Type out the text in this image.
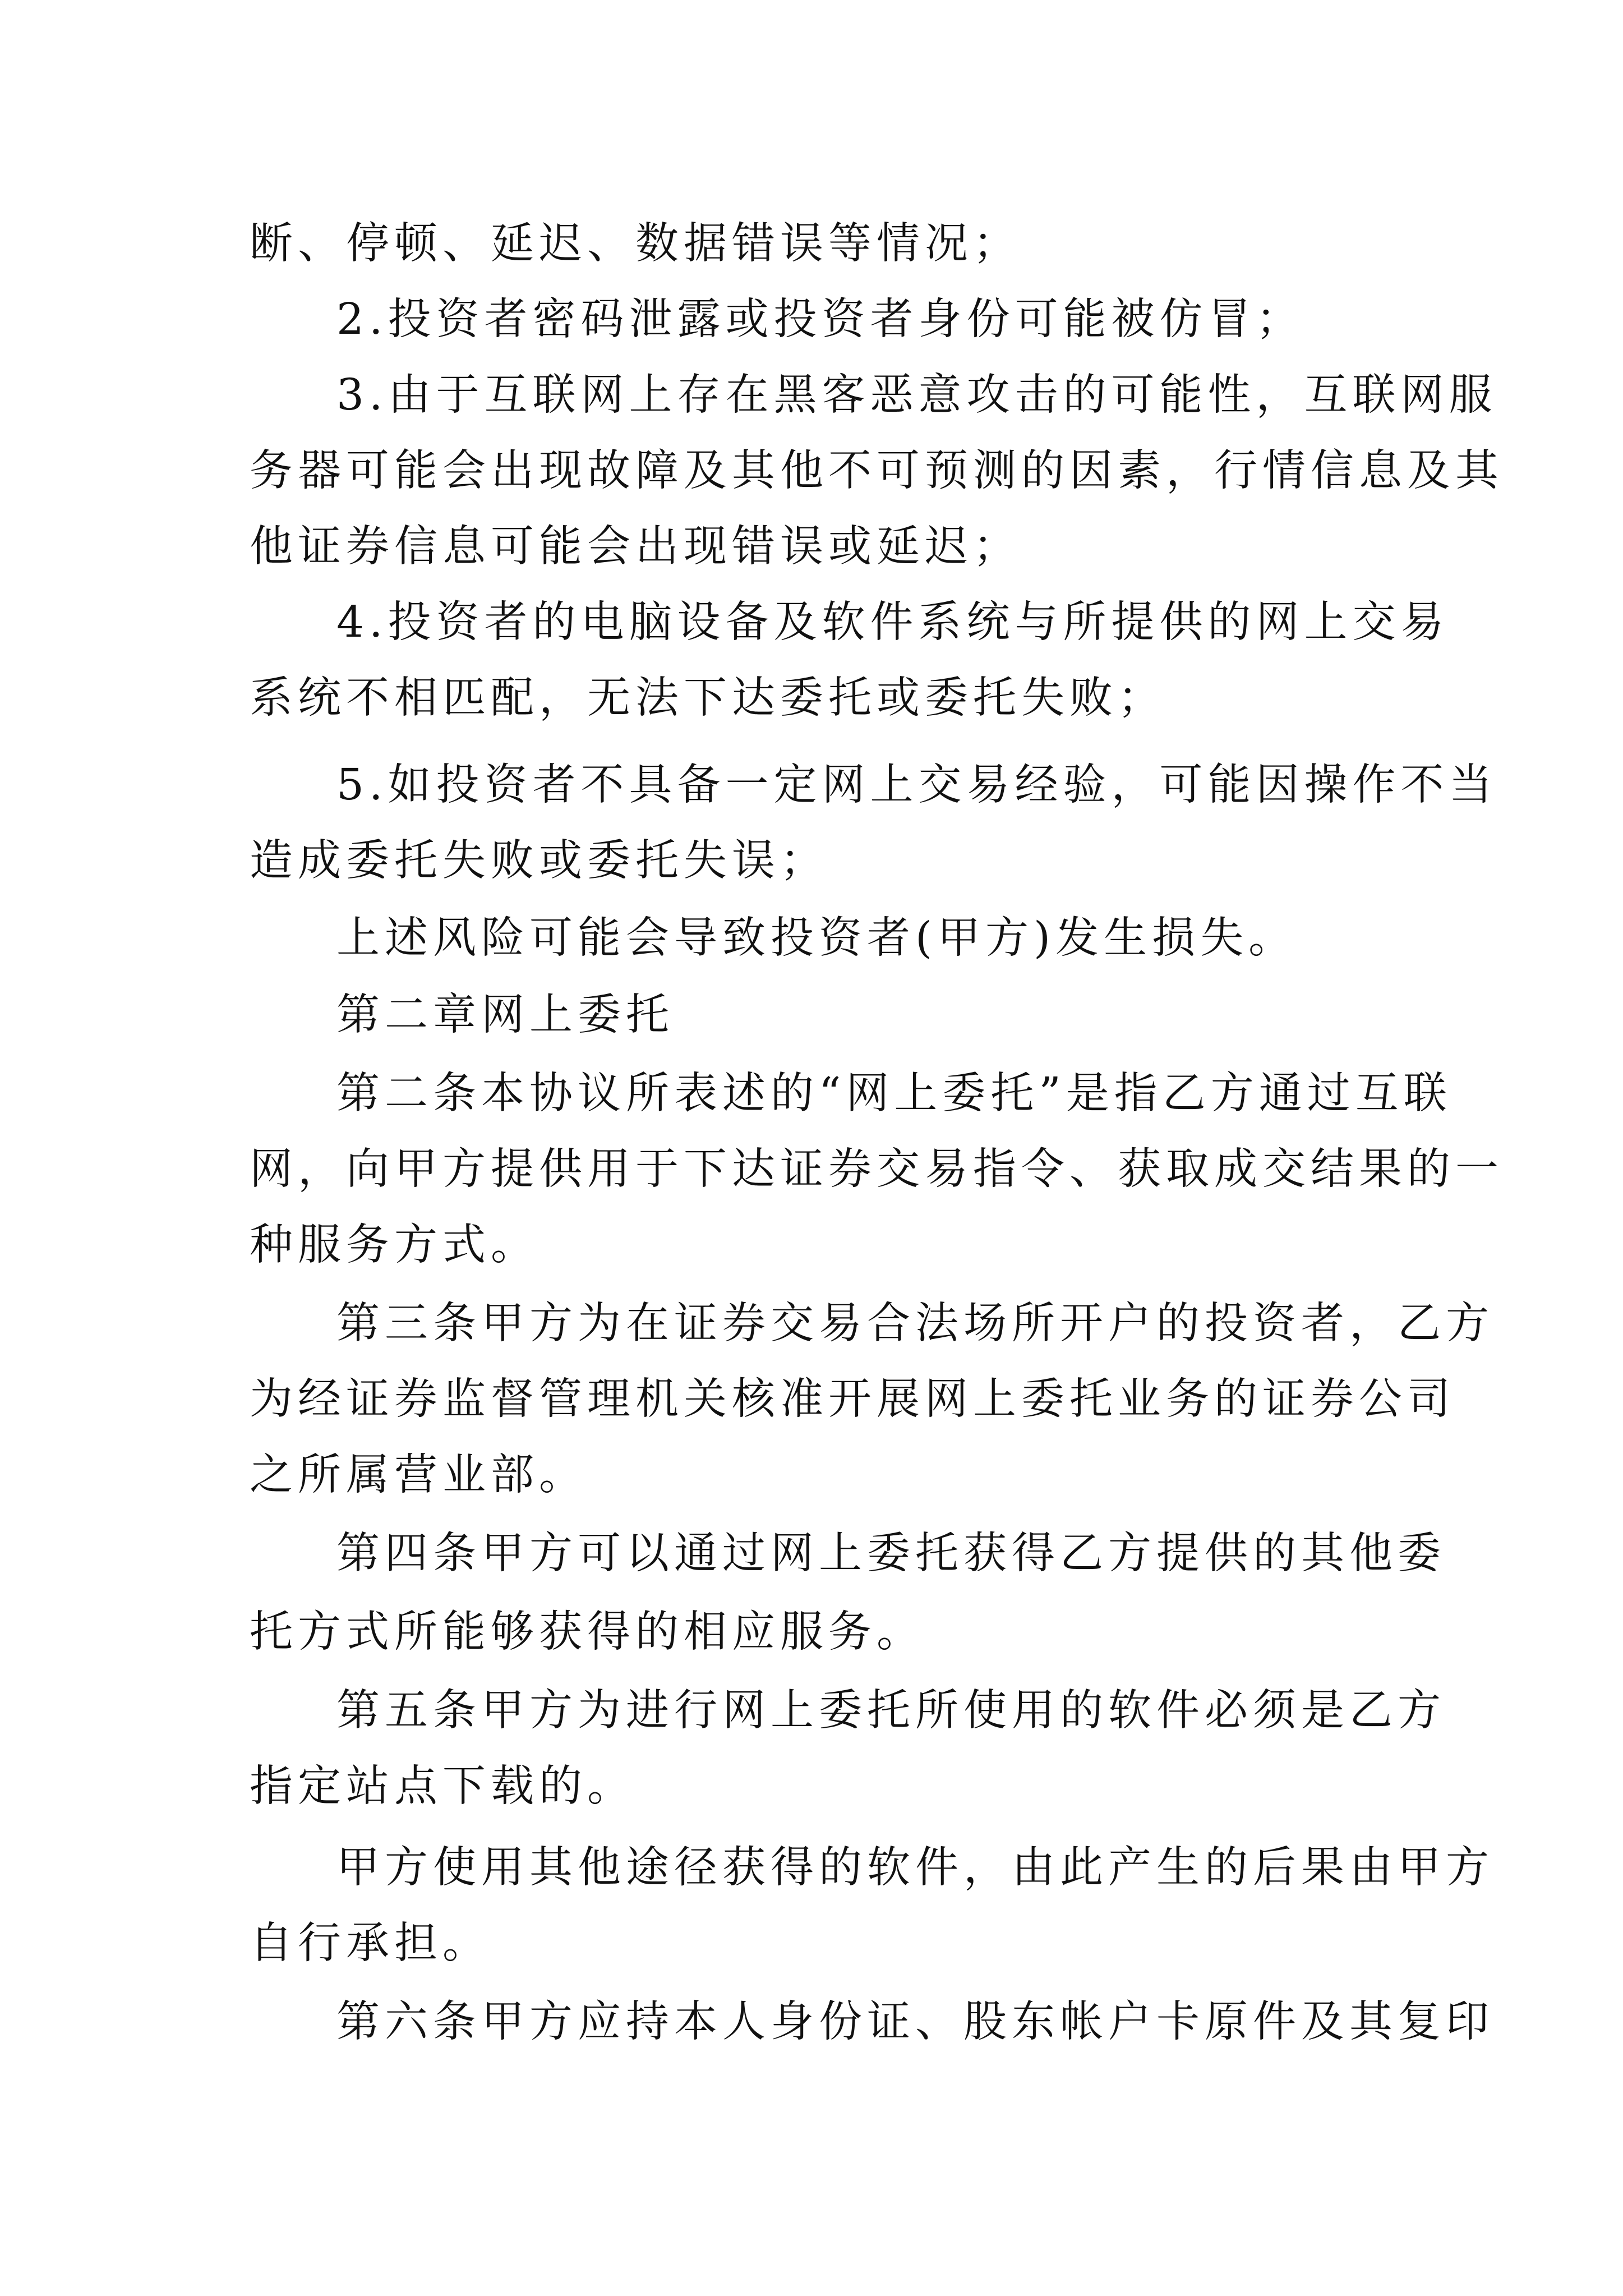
断、停顿、延迟、数据错误等情况；
2.投资者密码泄露或投资者身份可能被仿冒；
3.由于互联网上存在黑客恶意攻击的可能性，互联网服
务器可能会出现故障及其他不可预测的因素，行情信息及其
他证券信息可能会出现错误或延迟；
4.投资者的电脑设备及软件系统与所提供的网上交易
系统不相匹配，无法下达委托或委托失败；
5.如投资者不具备一定网上交易经验，可能因操作不当
造成委托失败或委托失误；
上述风险可能会导致投资者(甲方)发生损失。
第二章网上委托
第二条本协议所表述的“网上委托”是指乙方通过互联
网，向甲方提供用于下达证券交易指令、获取成交结果的一
种服务方式。
第三条甲方为在证券交易合法场所开户的投资者，乙方
为经证券监督管理机关核准开展网上委托业务的证券公司
之所属营业部。
第四条甲方可以通过网上委托获得乙方提供的其他委
托方式所能够获得的相应服务。
第五条甲方为进行网上委托所使用的软件必须是乙方
指定站点下载的。
甲方使用其他途径获得的软件，由此产生的后果由甲方
自行承担。
第六条甲方应持本人身份证、股东帐户卡原件及其复印
